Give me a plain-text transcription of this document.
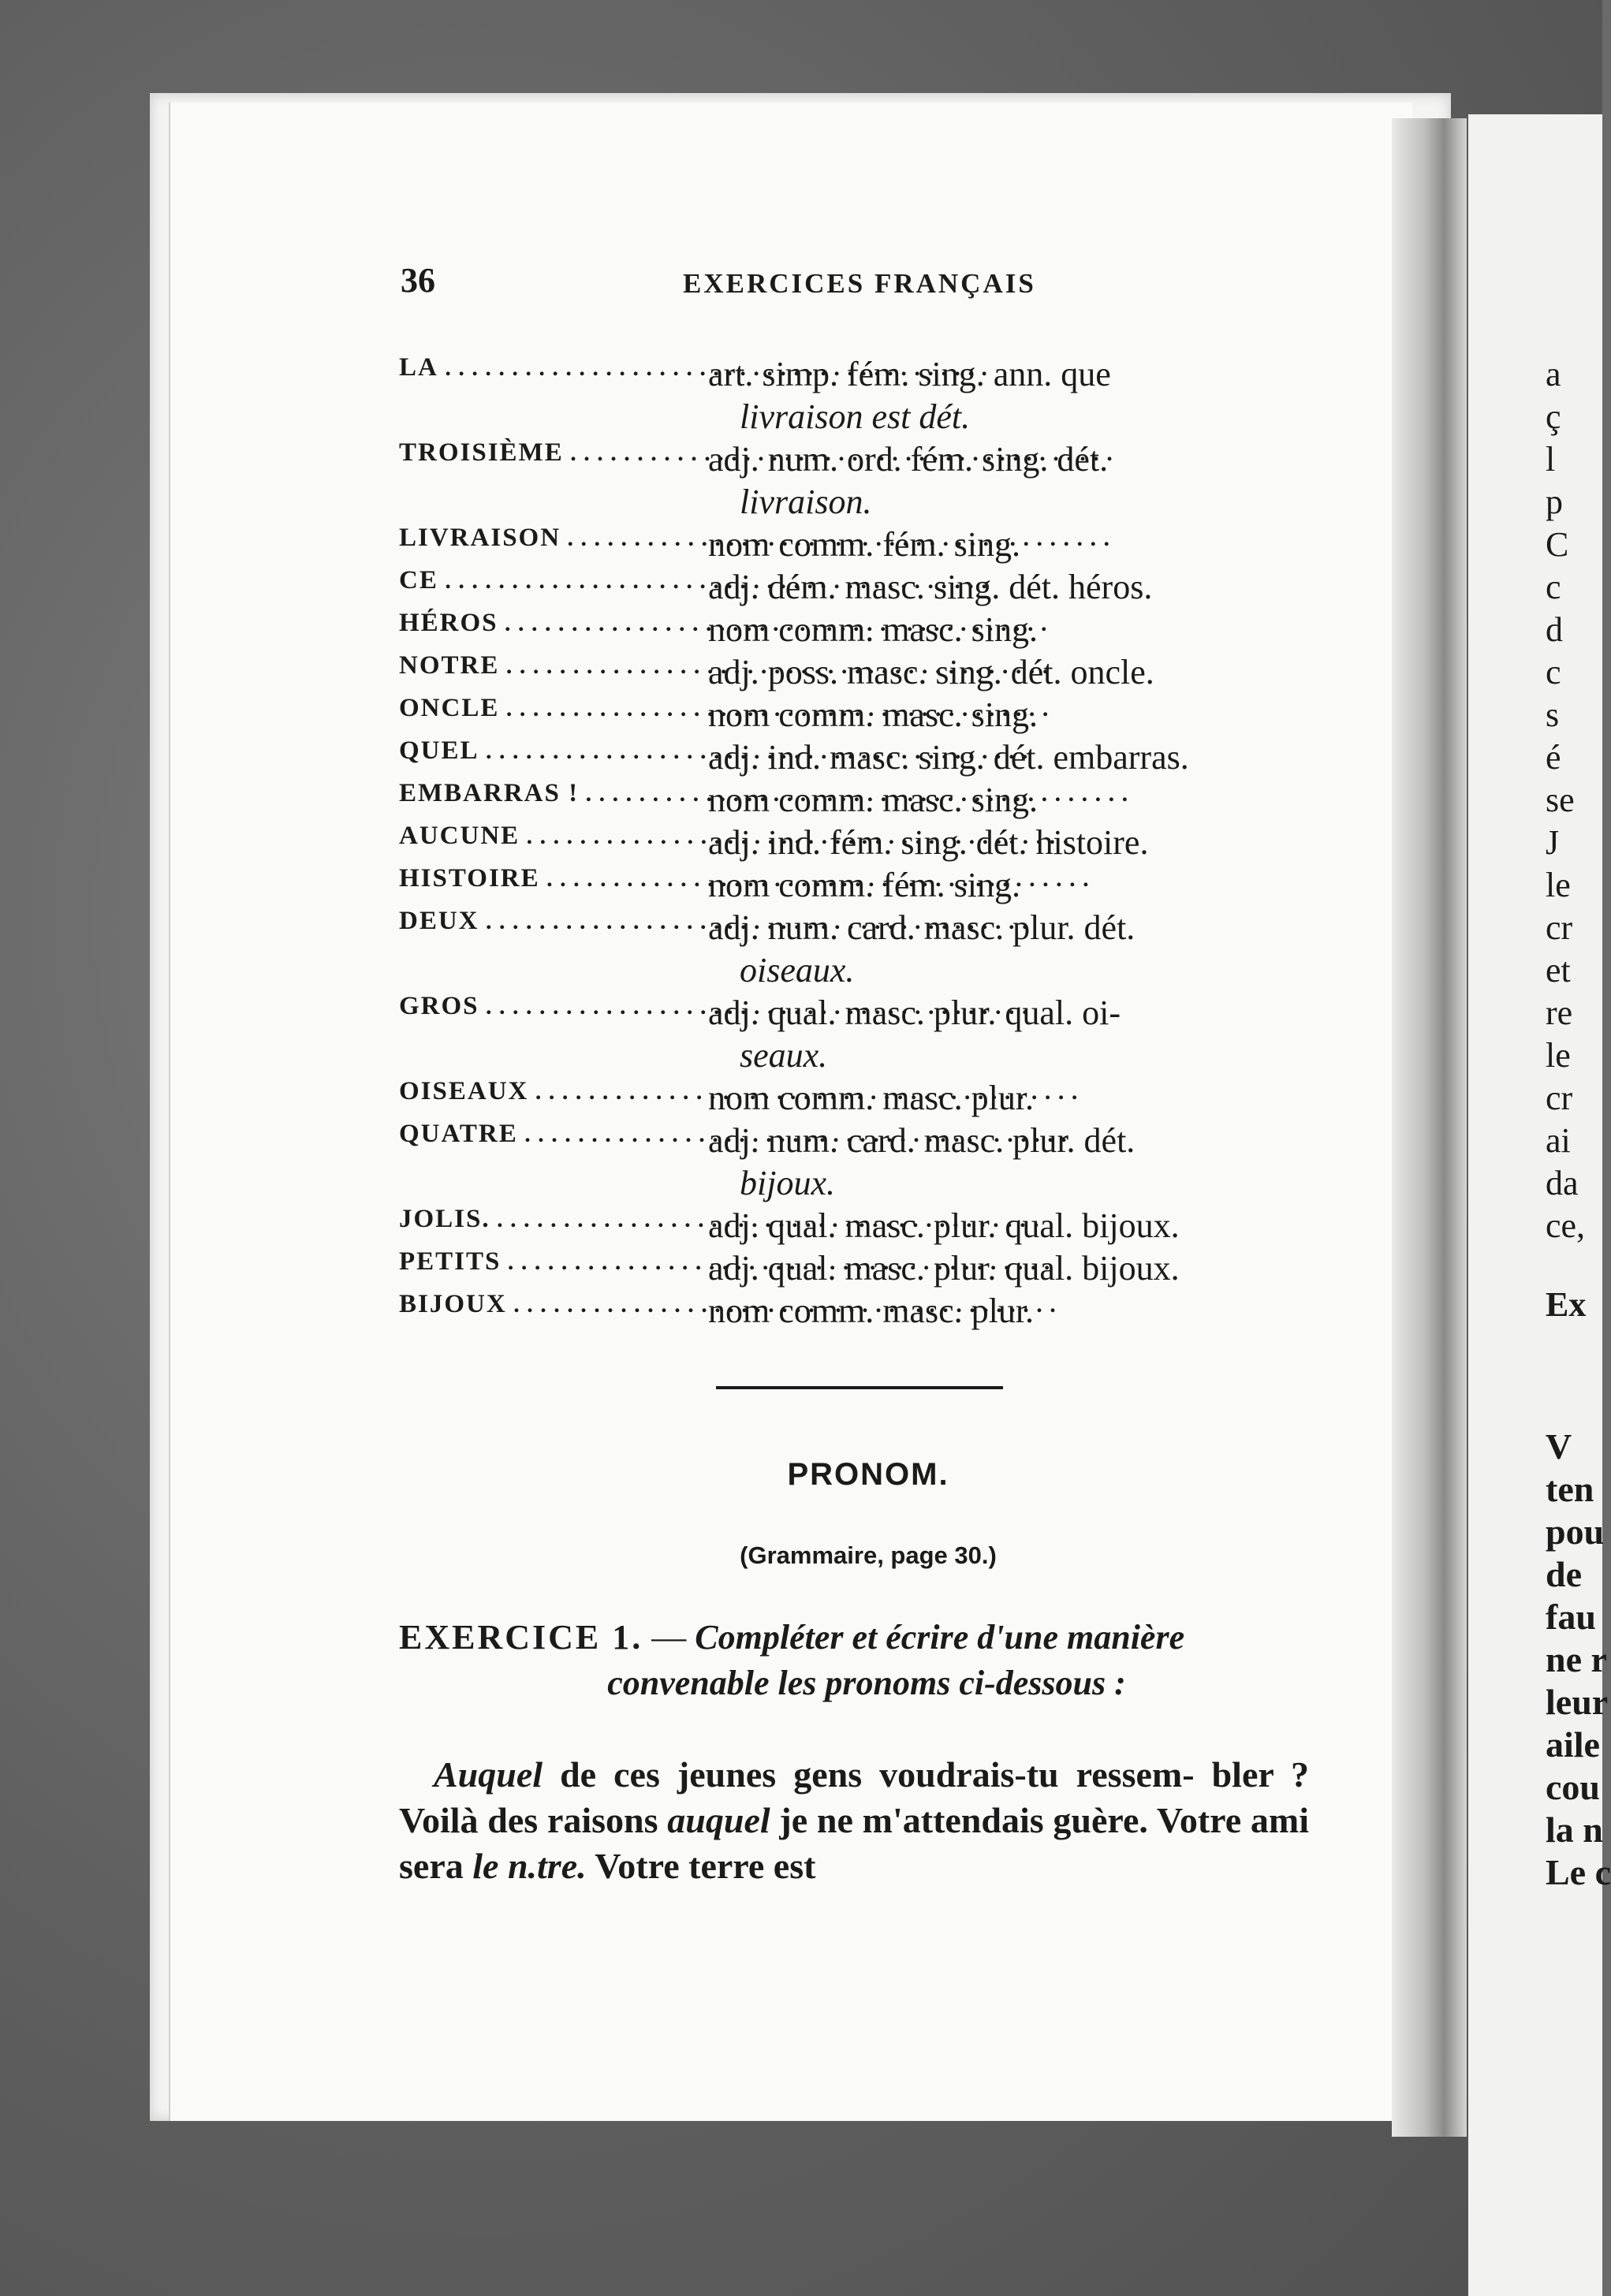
36	EXERCICES FRANÇAIS
LA . . .	art. simp. fém. sing. ann. que
livraison est dét.
TROISIÈME . . .	adj. num. ord. fém. sing. dét.
livraison.
LIVRAISON . . .	nom comm. fém. sing.
CE . . .	adj. dém. masc. sing. dét. héros.
HÉROS . . .	nom comm. masc. sing.
NOTRE . . .	adj. poss. masc. sing. dét. oncle.
ONCLE . . .	nom comm. masc. sing.
QUEL . . .	adj. ind. masc. sing. dét. embarras.
EMBARRAS ! . . .	nom comm. masc. sing.
AUCUNE . . .	adj. ind. fém. sing. dét. histoire.
HISTOIRE . . .	nom comm. fém. sing.
DEUX . . .	adj. num. card. masc. plur. dét.
oiseaux.
GROS . . .	adj. qual. masc. plur. qual. oi-
seaux.
OISEAUX . . .	nom comm. masc. plur.
QUATRE . . .	adj. num. card. masc. plur. dét.
bijoux.
JOLIS. . . .	adj. qual. masc. plur. qual. bijoux.
PETITS . . .	adj. qual. masc. plur. qual. bijoux.
BIJOUX . . .	nom comm. masc. plur.
PRONOM.
(Grammaire, page 30.)
EXERCICE 1. — Compléter et écrire d'une manière
convenable les pronoms ci-dessous :
Auquel de ces jeunes gens voudrais-tu ressem- bler ? Voilà des raisons auquel je ne m'attendais guère. Votre ami sera le n.tre. Votre terre est
a
ç
l
p
C
c
d
c
s
é
se
J
le
cr
et
re
le
cr
ai
da
ce,
Ex
V
ten
pou
de
fau
ne r
leur
aile
cou
la n
Le c
